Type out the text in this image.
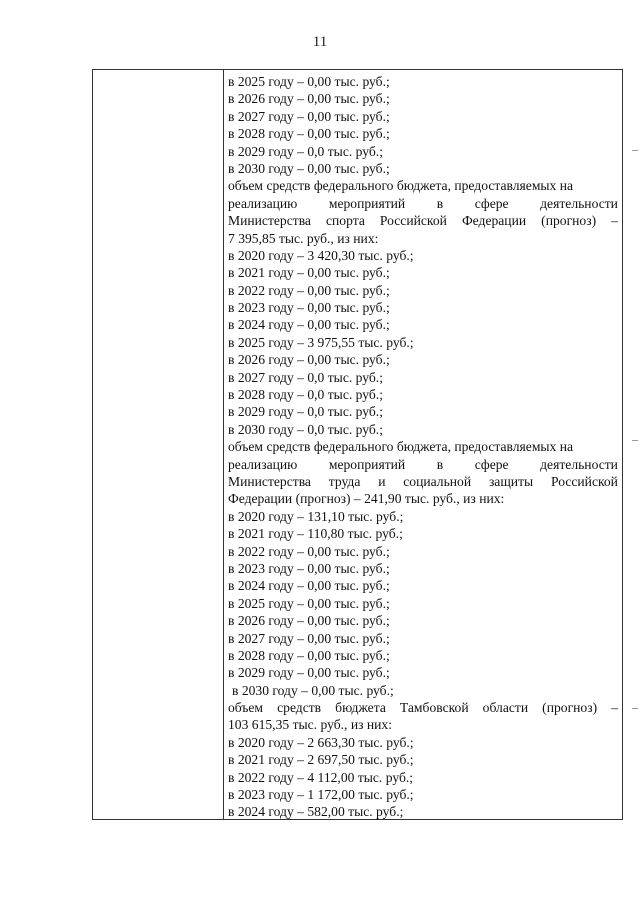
11
в 2025 году – 0,00 тыс. руб.;
в 2026 году – 0,00 тыс. руб.;
в 2027 году – 0,00 тыс. руб.;
в 2028 году – 0,00 тыс. руб.;
в 2029 году – 0,0 тыс. руб.;
в 2030 году – 0,00 тыс. руб.;
объем средств федерального бюджета, предоставляемых на
реализацию мероприятий в сфере деятельности
Министерства спорта Российской Федерации (прогноз) –
7 395,85 тыс. руб., из них:
в 2020 году – 3 420,30 тыс. руб.;
в 2021 году – 0,00 тыс. руб.;
в 2022 году – 0,00 тыс. руб.;
в 2023 году – 0,00 тыс. руб.;
в 2024 году – 0,00 тыс. руб.;
в 2025 году – 3 975,55 тыс. руб.;
в 2026 году – 0,00 тыс. руб.;
в 2027 году – 0,0 тыс. руб.;
в 2028 году – 0,0 тыс. руб.;
в 2029 году – 0,0 тыс. руб.;
в 2030 году – 0,0 тыс. руб.;
объем средств федерального бюджета, предоставляемых на
реализацию мероприятий в сфере деятельности
Министерства труда и социальной защиты Российской
Федерации (прогноз) – 241,90 тыс. руб., из них:
в 2020 году – 131,10 тыс. руб.;
в 2021 году – 110,80 тыс. руб.;
в 2022 году – 0,00 тыс. руб.;
в 2023 году – 0,00 тыс. руб.;
в 2024 году – 0,00 тыс. руб.;
в 2025 году – 0,00 тыс. руб.;
в 2026 году – 0,00 тыс. руб.;
в 2027 году – 0,00 тыс. руб.;
в 2028 году – 0,00 тыс. руб.;
в 2029 году – 0,00 тыс. руб.;
в 2030 году – 0,00 тыс. руб.;
объем средств бюджета Тамбовской области (прогноз) –
103 615,35 тыс. руб., из них:
в 2020 году – 2 663,30 тыс. руб.;
в 2021 году – 2 697,50 тыс. руб.;
в 2022 году – 4 112,00 тыс. руб.;
в 2023 году – 1 172,00 тыс. руб.;
в 2024 году – 582,00 тыс. руб.;
